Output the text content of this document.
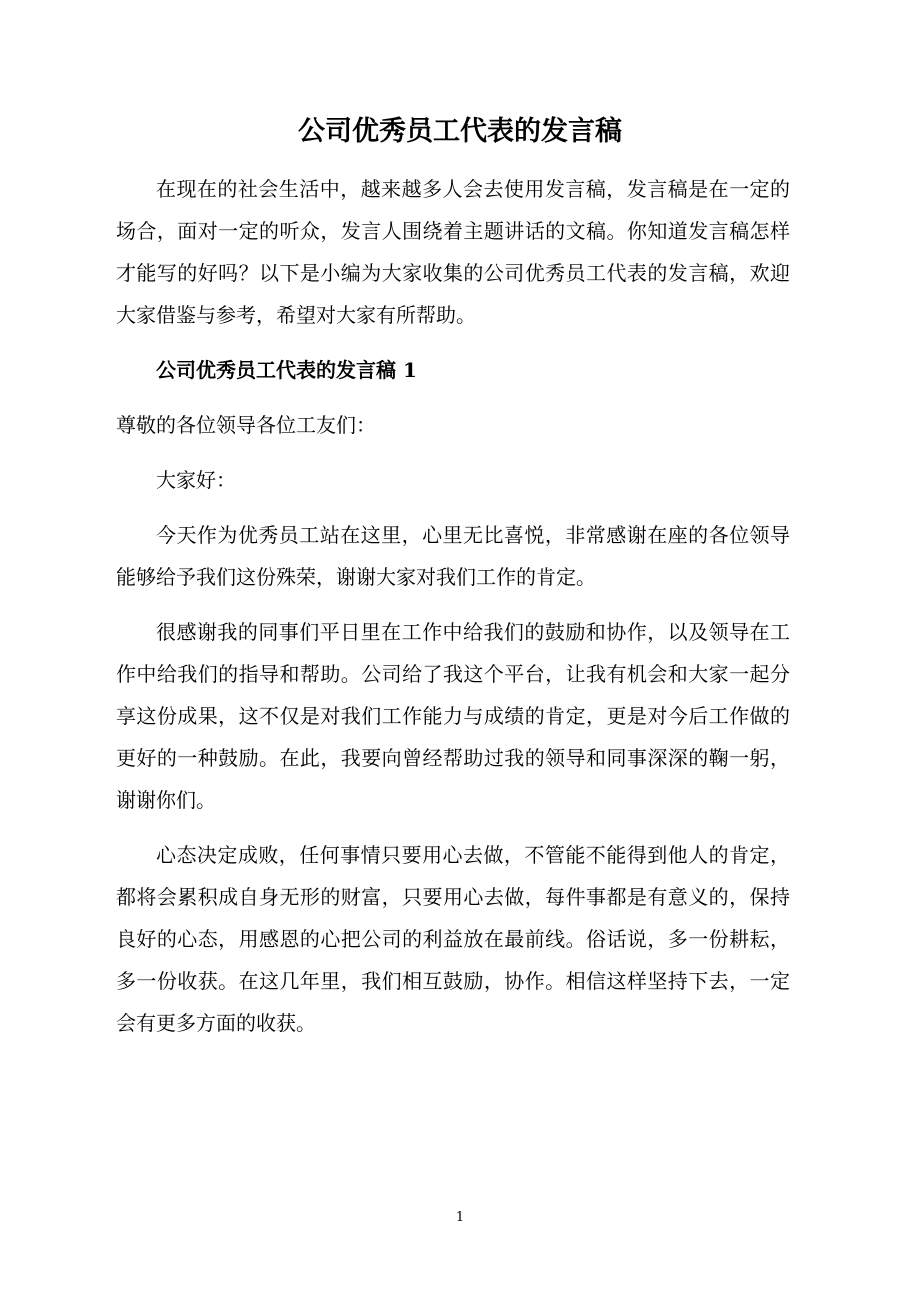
公司优秀员工代表的发言稿

在现在的社会生活中，越来越多人会去使用发言稿，发言稿是在一定的场合，面对一定的听众，发言人围绕着主题讲话的文稿。你知道发言稿怎样才能写的好吗？以下是小编为大家收集的公司优秀员工代表的发言稿，欢迎大家借鉴与参考，希望对大家有所帮助。

公司优秀员工代表的发言稿 1

尊敬的各位领导各位工友们：

大家好：

今天作为优秀员工站在这里，心里无比喜悦，非常感谢在座的各位领导能够给予我们这份殊荣，谢谢大家对我们工作的肯定。

很感谢我的同事们平日里在工作中给我们的鼓励和协作，以及领导在工作中给我们的指导和帮助。公司给了我这个平台，让我有机会和大家一起分享这份成果，这不仅是对我们工作能力与成绩的肯定，更是对今后工作做的更好的一种鼓励。在此，我要向曾经帮助过我的领导和同事深深的鞠一躬，谢谢你们。

心态决定成败，任何事情只要用心去做，不管能不能得到他人的肯定，都将会累积成自身无形的财富，只要用心去做，每件事都是有意义的，保持良好的心态，用感恩的心把公司的利益放在最前线。俗话说，多一份耕耘，多一份收获。在这几年里，我们相互鼓励，协作。相信这样坚持下去，一定会有更多方面的收获。

1
